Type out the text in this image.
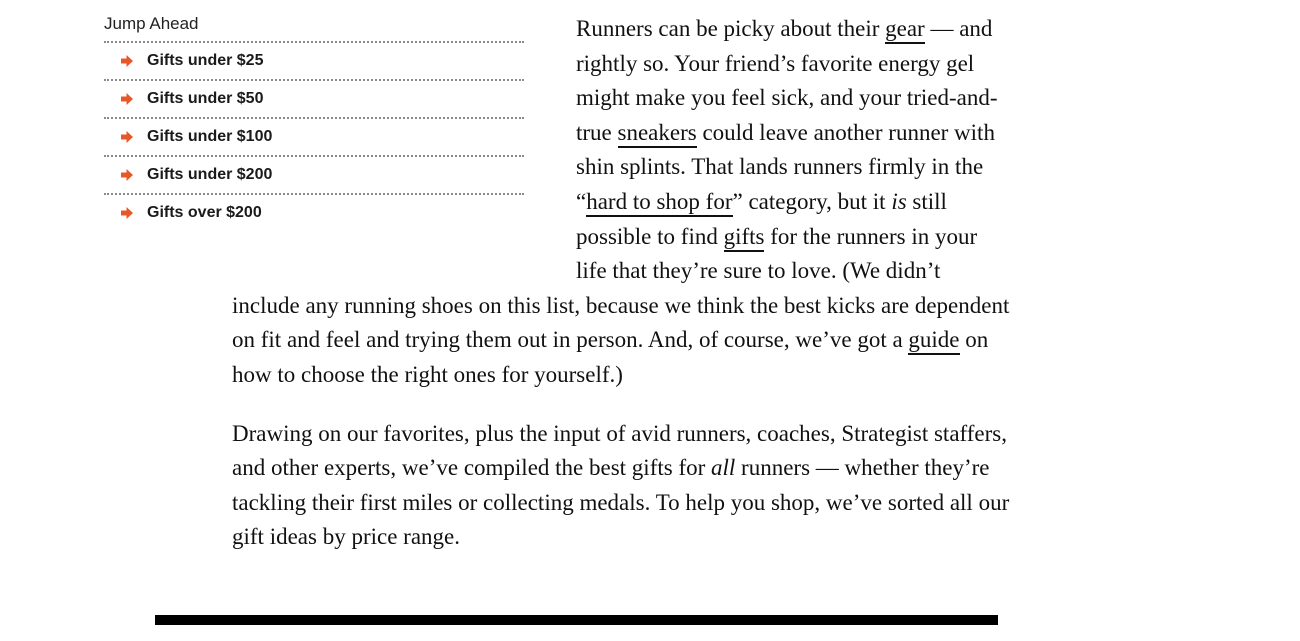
Jump Ahead
Gifts under $25
Gifts under $50
Gifts under $100
Gifts under $200
Gifts over $200

Runners can be picky about their gear — and rightly so. Your friend’s favorite energy gel might make you feel sick, and your tried-and-true sneakers could leave another runner with shin splints. That lands runners firmly in the “hard to shop for” category, but it is still possible to find gifts for the runners in your life that they’re sure to love. (We didn’t include any running shoes on this list, because we think the best kicks are dependent on fit and feel and trying them out in person. And, of course, we’ve got a guide on how to choose the right ones for yourself.)

Drawing on our favorites, plus the input of avid runners, coaches, Strategist staffers, and other experts, we’ve compiled the best gifts for all runners — whether they’re tackling their first miles or collecting medals. To help you shop, we’ve sorted all our gift ideas by price range.
